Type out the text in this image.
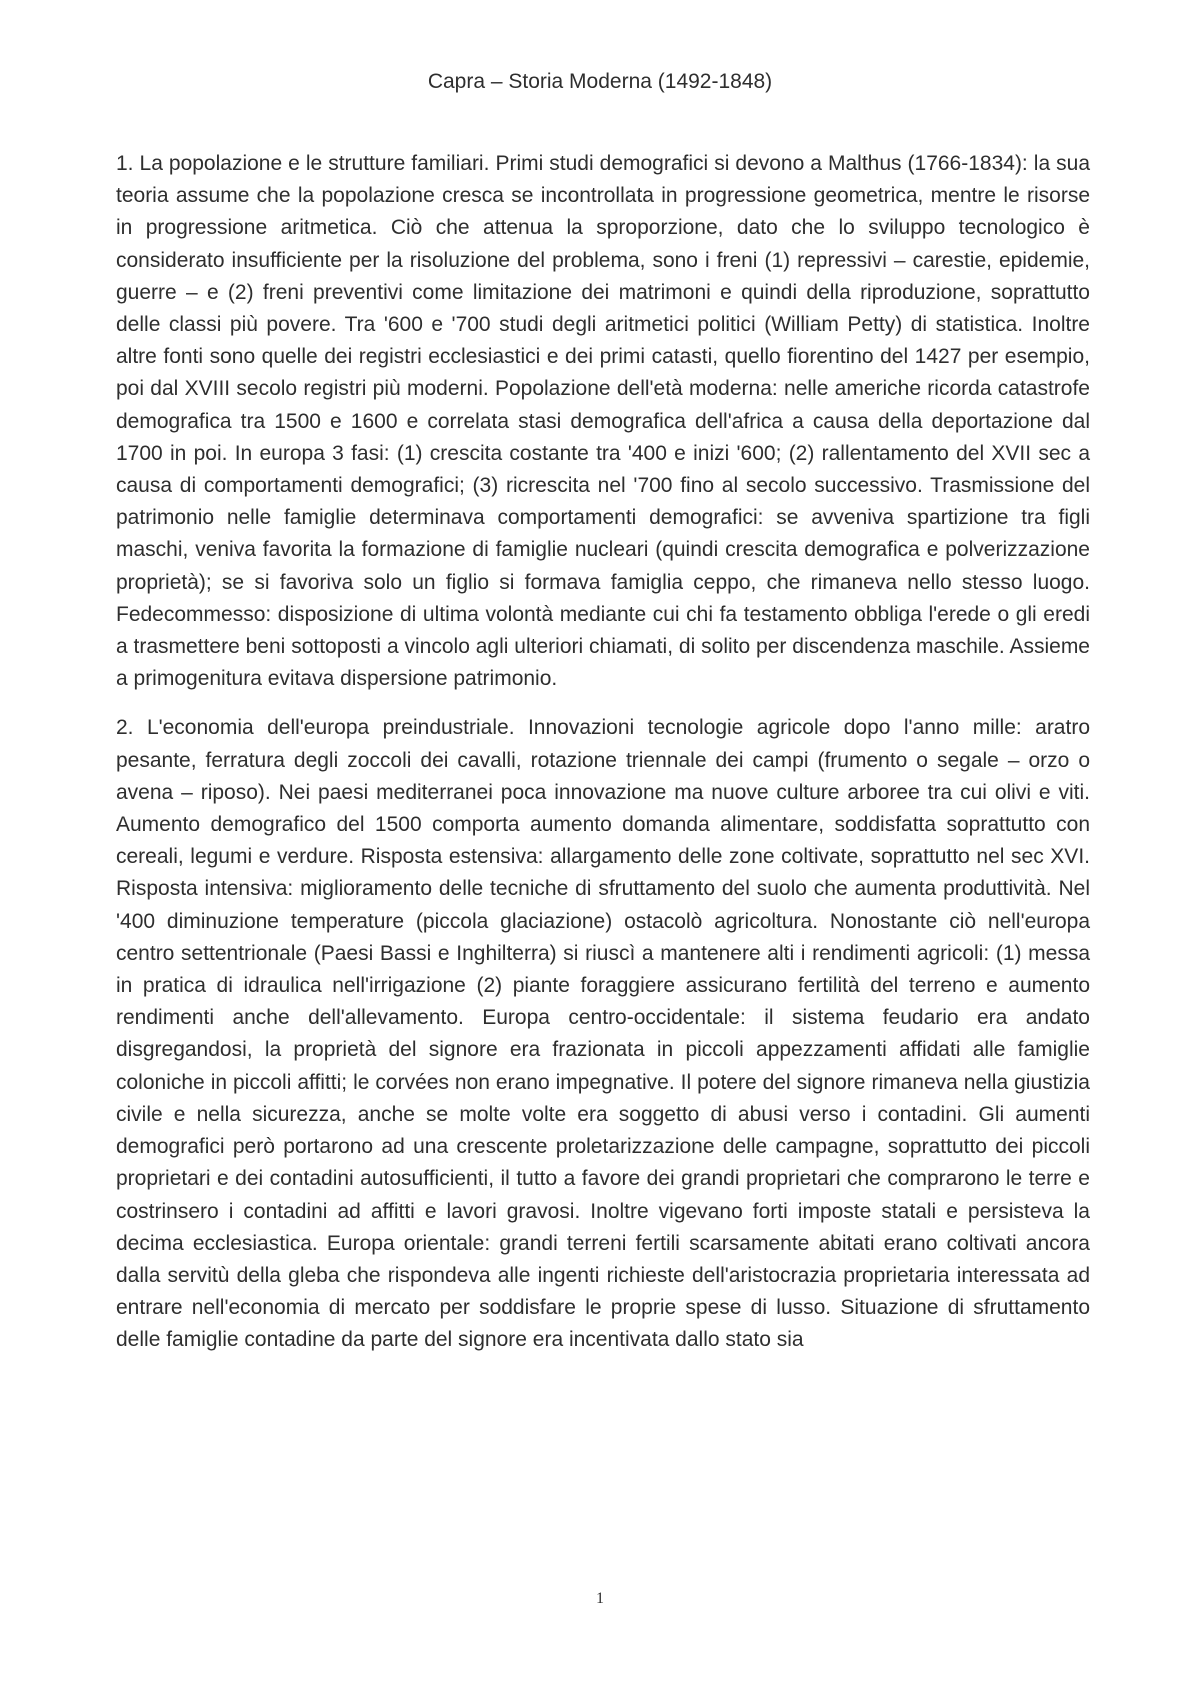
Capra – Storia Moderna (1492-1848)

1. La popolazione e le strutture familiari. Primi studi demografici si devono a Malthus (1766-1834): la sua teoria assume che la popolazione cresca se incontrollata in progressione geometrica, mentre le risorse in progressione aritmetica. Ciò che attenua la sproporzione, dato che lo sviluppo tecnologico è considerato insufficiente per la risoluzione del problema, sono i freni (1) repressivi – carestie, epidemie, guerre – e (2) freni preventivi come limitazione dei matrimoni e quindi della riproduzione, soprattutto delle classi più povere. Tra '600 e '700 studi degli aritmetici politici (William Petty) di statistica. Inoltre altre fonti sono quelle dei registri ecclesiastici e dei primi catasti, quello fiorentino del 1427 per esempio, poi dal XVIII secolo registri più moderni. Popolazione dell'età moderna: nelle americhe ricorda catastrofe demografica tra 1500 e 1600 e correlata stasi demografica dell'africa a causa della deportazione dal 1700 in poi. In europa 3 fasi: (1) crescita costante tra '400 e inizi '600; (2) rallentamento del XVII sec a causa di comportamenti demografici; (3) ricrescita nel '700 fino al secolo successivo. Trasmissione del patrimonio nelle famiglie determinava comportamenti demografici: se avveniva spartizione tra figli maschi, veniva favorita la formazione di famiglie nucleari (quindi crescita demografica e polverizzazione proprietà); se si favoriva solo un figlio si formava famiglia ceppo, che rimaneva nello stesso luogo. Fedecommesso: disposizione di ultima volontà mediante cui chi fa testamento obbliga l'erede o gli eredi a trasmettere beni sottoposti a vincolo agli ulteriori chiamati, di solito per discendenza maschile. Assieme a primogenitura evitava dispersione patrimonio.

2. L'economia dell'europa preindustriale. Innovazioni tecnologie agricole dopo l'anno mille: aratro pesante, ferratura degli zoccoli dei cavalli, rotazione triennale dei campi (frumento o segale – orzo o avena – riposo). Nei paesi mediterranei poca innovazione ma nuove culture arboree tra cui olivi e viti. Aumento demografico del 1500 comporta aumento domanda alimentare, soddisfatta soprattutto con cereali, legumi e verdure. Risposta estensiva: allargamento delle zone coltivate, soprattutto nel sec XVI. Risposta intensiva: miglioramento delle tecniche di sfruttamento del suolo che aumenta produttività. Nel '400 diminuzione temperature (piccola glaciazione) ostacolò agricoltura. Nonostante ciò nell'europa centro settentrionale (Paesi Bassi e Inghilterra) si riuscì a mantenere alti i rendimenti agricoli: (1) messa in pratica di idraulica nell'irrigazione (2) piante foraggiere assicurano fertilità del terreno e aumento rendimenti anche dell'allevamento. Europa centro-occidentale: il sistema feudario era andato disgregandosi, la proprietà del signore era frazionata in piccoli appezzamenti affidati alle famiglie coloniche in piccoli affitti; le corvées non erano impegnative. Il potere del signore rimaneva nella giustizia civile e nella sicurezza, anche se molte volte era soggetto di abusi verso i contadini. Gli aumenti demografici però portarono ad una crescente proletarizzazione delle campagne, soprattutto dei piccoli proprietari e dei contadini autosufficienti, il tutto a favore dei grandi proprietari che comprarono le terre e costrinsero i contadini ad affitti e lavori gravosi. Inoltre vigevano forti imposte statali e persisteva la decima ecclesiastica. Europa orientale: grandi terreni fertili scarsamente abitati erano coltivati ancora dalla servitù della gleba che rispondeva alle ingenti richieste dell'aristocrazia proprietaria interessata ad entrare nell'economia di mercato per soddisfare le proprie spese di lusso. Situazione di sfruttamento delle famiglie contadine da parte del signore era incentivata dallo stato sia

1
